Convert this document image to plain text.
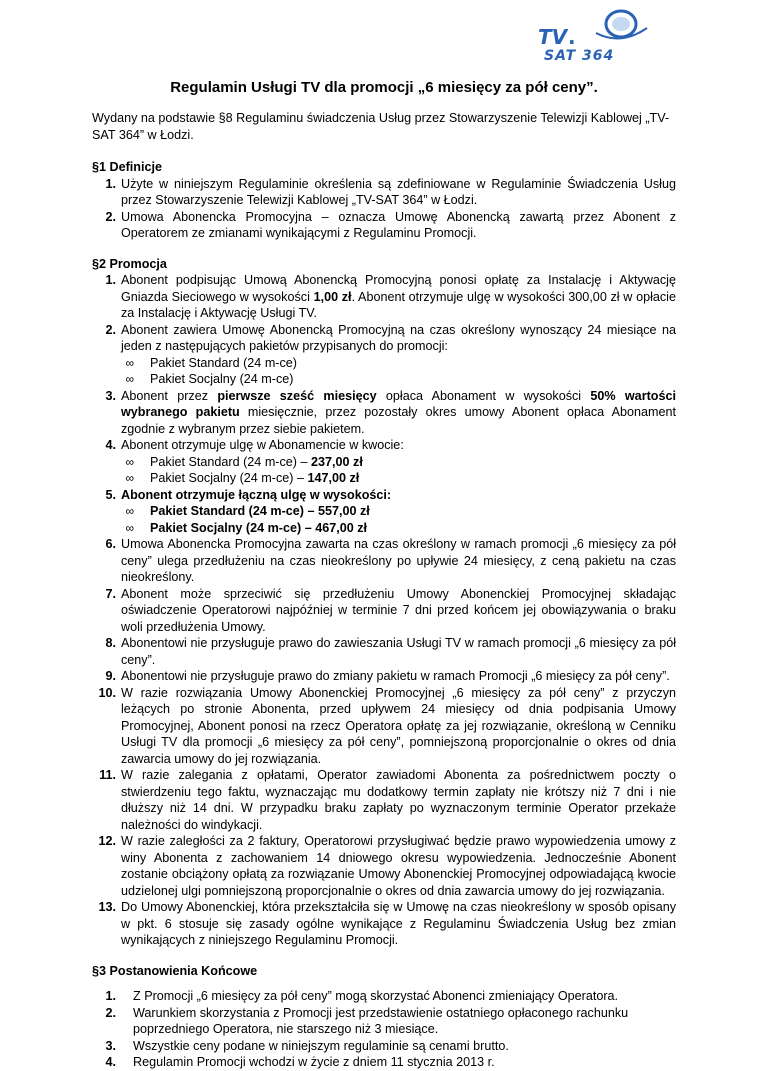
TV .
SAT 364
Regulamin Usługi TV dla promocji „6 miesięcy za pół ceny”.

Wydany na podstawie §8 Regulaminu świadczenia Usług przez Stowarzyszenie Telewizji Kablowej „TV-SAT 364” w Łodzi.

§1 Definicje
1. Użyte w niniejszym Regulaminie określenia są zdefiniowane w Regulaminie Świadczenia Usług przez Stowarzyszenie Telewizji Kablowej „TV-SAT 364” w Łodzi.
2. Umowa Abonencka Promocyjna – oznacza Umowę Abonencką zawartą przez Abonent z Operatorem ze zmianami wynikającymi z Regulaminu Promocji.
§2 Promocja
1. Abonent podpisując Umową Abonencką Promocyjną ponosi opłatę za Instalację i Aktywację Gniazda Sieciowego w wysokości 1,00 zł. Abonent otrzymuje ulgę w wysokości 300,00 zł w opłacie za Instalację i Aktywację Usługi TV.
2. Abonent zawiera Umowę Abonencką Promocyjną na czas określony wynoszący 24 miesiące na jeden z następujących pakietów przypisanych do promocji:
∞ Pakiet Standard (24 m-ce)
∞ Pakiet Socjalny (24 m-ce)
3. Abonent przez pierwsze sześć miesięcy opłaca Abonament w wysokości 50% wartości wybranego pakietu miesięcznie, przez pozostały okres umowy Abonent opłaca Abonament zgodnie z wybranym przez siebie pakietem.
4. Abonent otrzymuje ulgę w Abonamencie w kwocie:
∞ Pakiet Standard (24 m-ce) – 237,00 zł
∞ Pakiet Socjalny (24 m-ce) – 147,00 zł
5. Abonent otrzymuje łączną ulgę w wysokości:
∞ Pakiet Standard (24 m-ce) – 557,00 zł
∞ Pakiet Socjalny (24 m-ce) – 467,00 zł
6. Umowa Abonencka Promocyjna zawarta na czas określony w ramach promocji „6 miesięcy za pół ceny” ulega przedłużeniu na czas nieokreślony po upływie 24 miesięcy, z ceną pakietu na czas nieokreślony.
7. Abonent może sprzeciwić się przedłużeniu Umowy Abonenckiej Promocyjnej składając oświadczenie Operatorowi najpóźniej w terminie 7 dni przed końcem jej obowiązywania o braku woli przedłużenia Umowy.
8. Abonentowi nie przysługuje prawo do zawieszania Usługi TV w ramach promocji „6 miesięcy za pół ceny”.
9. Abonentowi nie przysługuje prawo do zmiany pakietu w ramach Promocji „6 miesięcy za pół ceny”.
10. W razie rozwiązania Umowy Abonenckiej Promocyjnej „6 miesięcy za pół ceny” z przyczyn leżących po stronie Abonenta, przed upływem 24 miesięcy od dnia podpisania Umowy Promocyjnej, Abonent ponosi na rzecz Operatora opłatę za jej rozwiązanie, określoną w Cenniku Usługi TV dla promocji „6 miesięcy za pół ceny”, pomniejszoną proporcjonalnie o okres od dnia zawarcia umowy do jej rozwiązania.
11. W razie zalegania z opłatami, Operator zawiadomi Abonenta za pośrednictwem poczty o stwierdzeniu tego faktu, wyznaczając mu dodatkowy termin zapłaty nie krótszy niż 7 dni i nie dłuższy niż 14 dni. W przypadku braku zapłaty po wyznaczonym terminie Operator przekaże należności do windykacji.
12. W razie zaległości za 2 faktury, Operatorowi przysługiwać będzie prawo wypowiedzenia umowy z winy Abonenta z zachowaniem 14 dniowego okresu wypowiedzenia. Jednocześnie Abonent zostanie obciążony opłatą za rozwiązanie Umowy Abonenckiej Promocyjnej odpowiadającą kwocie udzielonej ulgi pomniejszoną proporcjonalnie o okres od dnia zawarcia umowy do jej rozwiązania.
13. Do Umowy Abonenckiej, która przekształciła się w Umowę na czas nieokreślony w sposób opisany w pkt. 6 stosuje się zasady ogólne wynikające z Regulaminu Świadczenia Usług bez zmian wynikających z niniejszego Regulaminu Promocji.
§3 Postanowienia Końcowe
1. Z Promocji „6 miesięcy za pół ceny” mogą skorzystać Abonenci zmieniający Operatora.
2. Warunkiem skorzystania z Promocji jest przedstawienie ostatniego opłaconego rachunku poprzedniego Operatora, nie starszego niż 3 miesiące.
3. Wszystkie ceny podane w niniejszym regulaminie są cenami brutto.
4. Regulamin Promocji wchodzi w życie z dniem 11 stycznia 2013 r.
